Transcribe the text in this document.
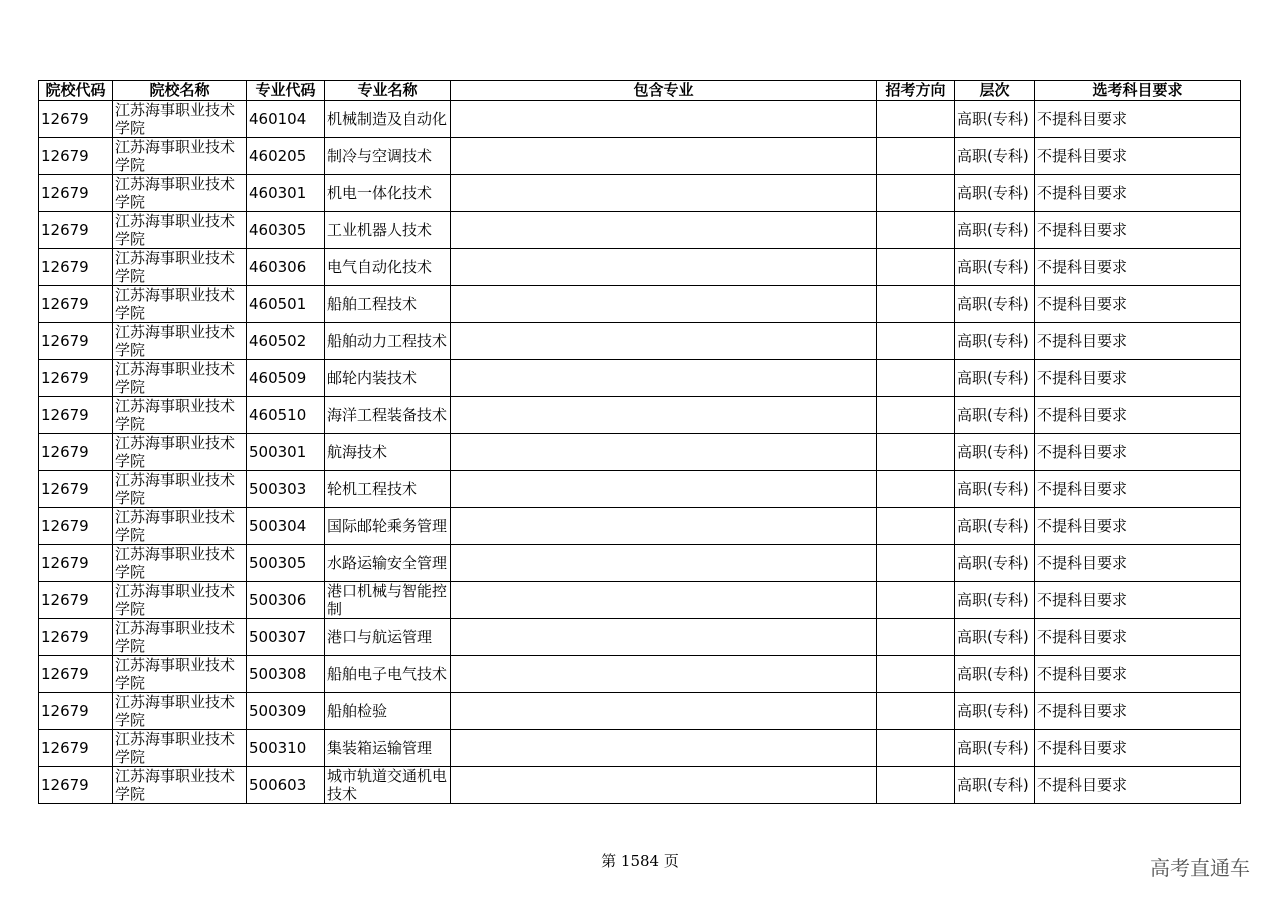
院校代码	院校名称	专业代码	专业名称	包含专业	招考方向	层次	选考科目要求
12679	江苏海事职业技术学院	460104	机械制造及自动化			高职(专科)	不提科目要求
12679	江苏海事职业技术学院	460205	制冷与空调技术			高职(专科)	不提科目要求
12679	江苏海事职业技术学院	460301	机电一体化技术			高职(专科)	不提科目要求
12679	江苏海事职业技术学院	460305	工业机器人技术			高职(专科)	不提科目要求
12679	江苏海事职业技术学院	460306	电气自动化技术			高职(专科)	不提科目要求
12679	江苏海事职业技术学院	460501	船舶工程技术			高职(专科)	不提科目要求
12679	江苏海事职业技术学院	460502	船舶动力工程技术			高职(专科)	不提科目要求
12679	江苏海事职业技术学院	460509	邮轮内装技术			高职(专科)	不提科目要求
12679	江苏海事职业技术学院	460510	海洋工程装备技术			高职(专科)	不提科目要求
12679	江苏海事职业技术学院	500301	航海技术			高职(专科)	不提科目要求
12679	江苏海事职业技术学院	500303	轮机工程技术			高职(专科)	不提科目要求
12679	江苏海事职业技术学院	500304	国际邮轮乘务管理			高职(专科)	不提科目要求
12679	江苏海事职业技术学院	500305	水路运输安全管理			高职(专科)	不提科目要求
12679	江苏海事职业技术学院	500306	港口机械与智能控制			高职(专科)	不提科目要求
12679	江苏海事职业技术学院	500307	港口与航运管理			高职(专科)	不提科目要求
12679	江苏海事职业技术学院	500308	船舶电子电气技术			高职(专科)	不提科目要求
12679	江苏海事职业技术学院	500309	船舶检验			高职(专科)	不提科目要求
12679	江苏海事职业技术学院	500310	集装箱运输管理			高职(专科)	不提科目要求
12679	江苏海事职业技术学院	500603	城市轨道交通机电技术			高职(专科)	不提科目要求
第 1584 页	高考直通车
